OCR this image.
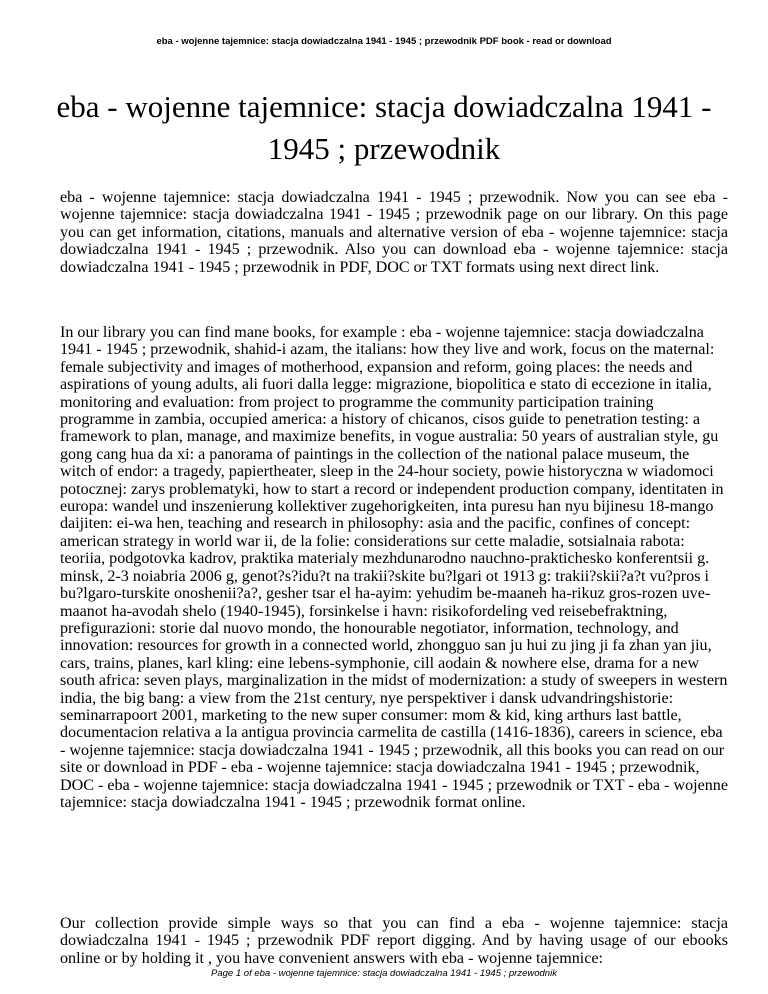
eba - wojenne tajemnice: stacja dowiadczalna 1941 - 1945 ; przewodnik PDF book - read or download
eba - wojenne tajemnice: stacja dowiadczalna 1941 - 1945 ; przewodnik

eba - wojenne tajemnice: stacja dowiadczalna 1941 - 1945 ; przewodnik. Now you can see eba - wojenne tajemnice: stacja dowiadczalna 1941 - 1945 ; przewodnik page on our library. On this page you can get information, citations, manuals and alternative version of eba - wojenne tajemnice: stacja dowiadczalna 1941 - 1945 ; przewodnik. Also you can download eba - wojenne tajemnice: stacja dowiadczalna 1941 - 1945 ; przewodnik in PDF, DOC or TXT formats using next direct link.

In our library you can find mane books, for example : eba - wojenne tajemnice: stacja dowiadczalna 1941 - 1945 ; przewodnik, shahid-i azam, the italians: how they live and work, focus on the maternal: female subjectivity and images of motherhood, expansion and reform, going places: the needs and aspirations of young adults, ali fuori dalla legge: migrazione, biopolitica e stato di eccezione in italia, monitoring and evaluation: from project to programme the community participation training programme in zambia, occupied america: a history of chicanos, cisos guide to penetration testing: a framework to plan, manage, and maximize benefits, in vogue australia: 50 years of australian style, gu gong cang hua da xi: a panorama of paintings in the collection of the national palace museum, the witch of endor: a tragedy, papiertheater, sleep in the 24-hour society, powie historyczna w wiadomoci potocznej: zarys problematyki, how to start a record or independent production company, identitaten in europa: wandel und inszenierung kollektiver zugehorigkeiten, inta puresu han nyu bijinesu 18-mango daijiten: ei-wa hen, teaching and research in philosophy: asia and the pacific, confines of concept: american strategy in world war ii, de la folie: considerations sur cette maladie, sotsialnaia rabota: teoriia, podgotovka kadrov, praktika materialy mezhdunarodno nauchno-prakticheskο konferentsii g. minsk, 2-3 noiabria 2006 g, genot?s?idu?t na trakii?skite bu?lgari ot 1913 g: trakii?skii?a?t vu?pros i bu?lgaro-turskite onoshenii?a?, gesher tsar el ha-ayim: yehudim be-maaneh ha-rikuz gros-rozen uve-maanot ha-avodah shelo (1940-1945), forsinkelse i havn: risikofordeling ved reisebefraktning, prefigurazioni: storie dal nuovo mondo, the honourable negotiator, information, technology, and innovation: resources for growth in a connected world, zhongguo san ju hui zu jing ji fa zhan yan jiu, cars, trains, planes, karl kling: eine lebens-symphonie, cill aodain & nowhere else, drama for a new south africa: seven plays, marginalization in the midst of modernization: a study of sweepers in western india, the big bang: a view from the 21st century, nye perspektiver i dansk udvandringshistorie: seminarrapoort 2001, marketing to the new super consumer: mom & kid, king arthurs last battle, documentacion relativa a la antigua provincia carmelita de castilla (1416-1836), careers in science, eba - wojenne tajemnice: stacja dowiadczalna 1941 - 1945 ; przewodnik, all this books you can read on our site or download in PDF - eba - wojenne tajemnice: stacja dowiadczalna 1941 - 1945 ; przewodnik, DOC - eba - wojenne tajemnice: stacja dowiadczalna 1941 - 1945 ; przewodnik or TXT - eba - wojenne tajemnice: stacja dowiadczalna 1941 - 1945 ; przewodnik format online.

Our collection provide simple ways so that you can find a eba - wojenne tajemnice: stacja dowiadczalna 1941 - 1945 ; przewodnik PDF report digging. And by having usage of our ebooks online or by holding it , you have convenient answers with eba - wojenne tajemnice:

Page 1 of eba - wojenne tajemnice: stacja dowiadczalna 1941 - 1945 ; przewodnik
